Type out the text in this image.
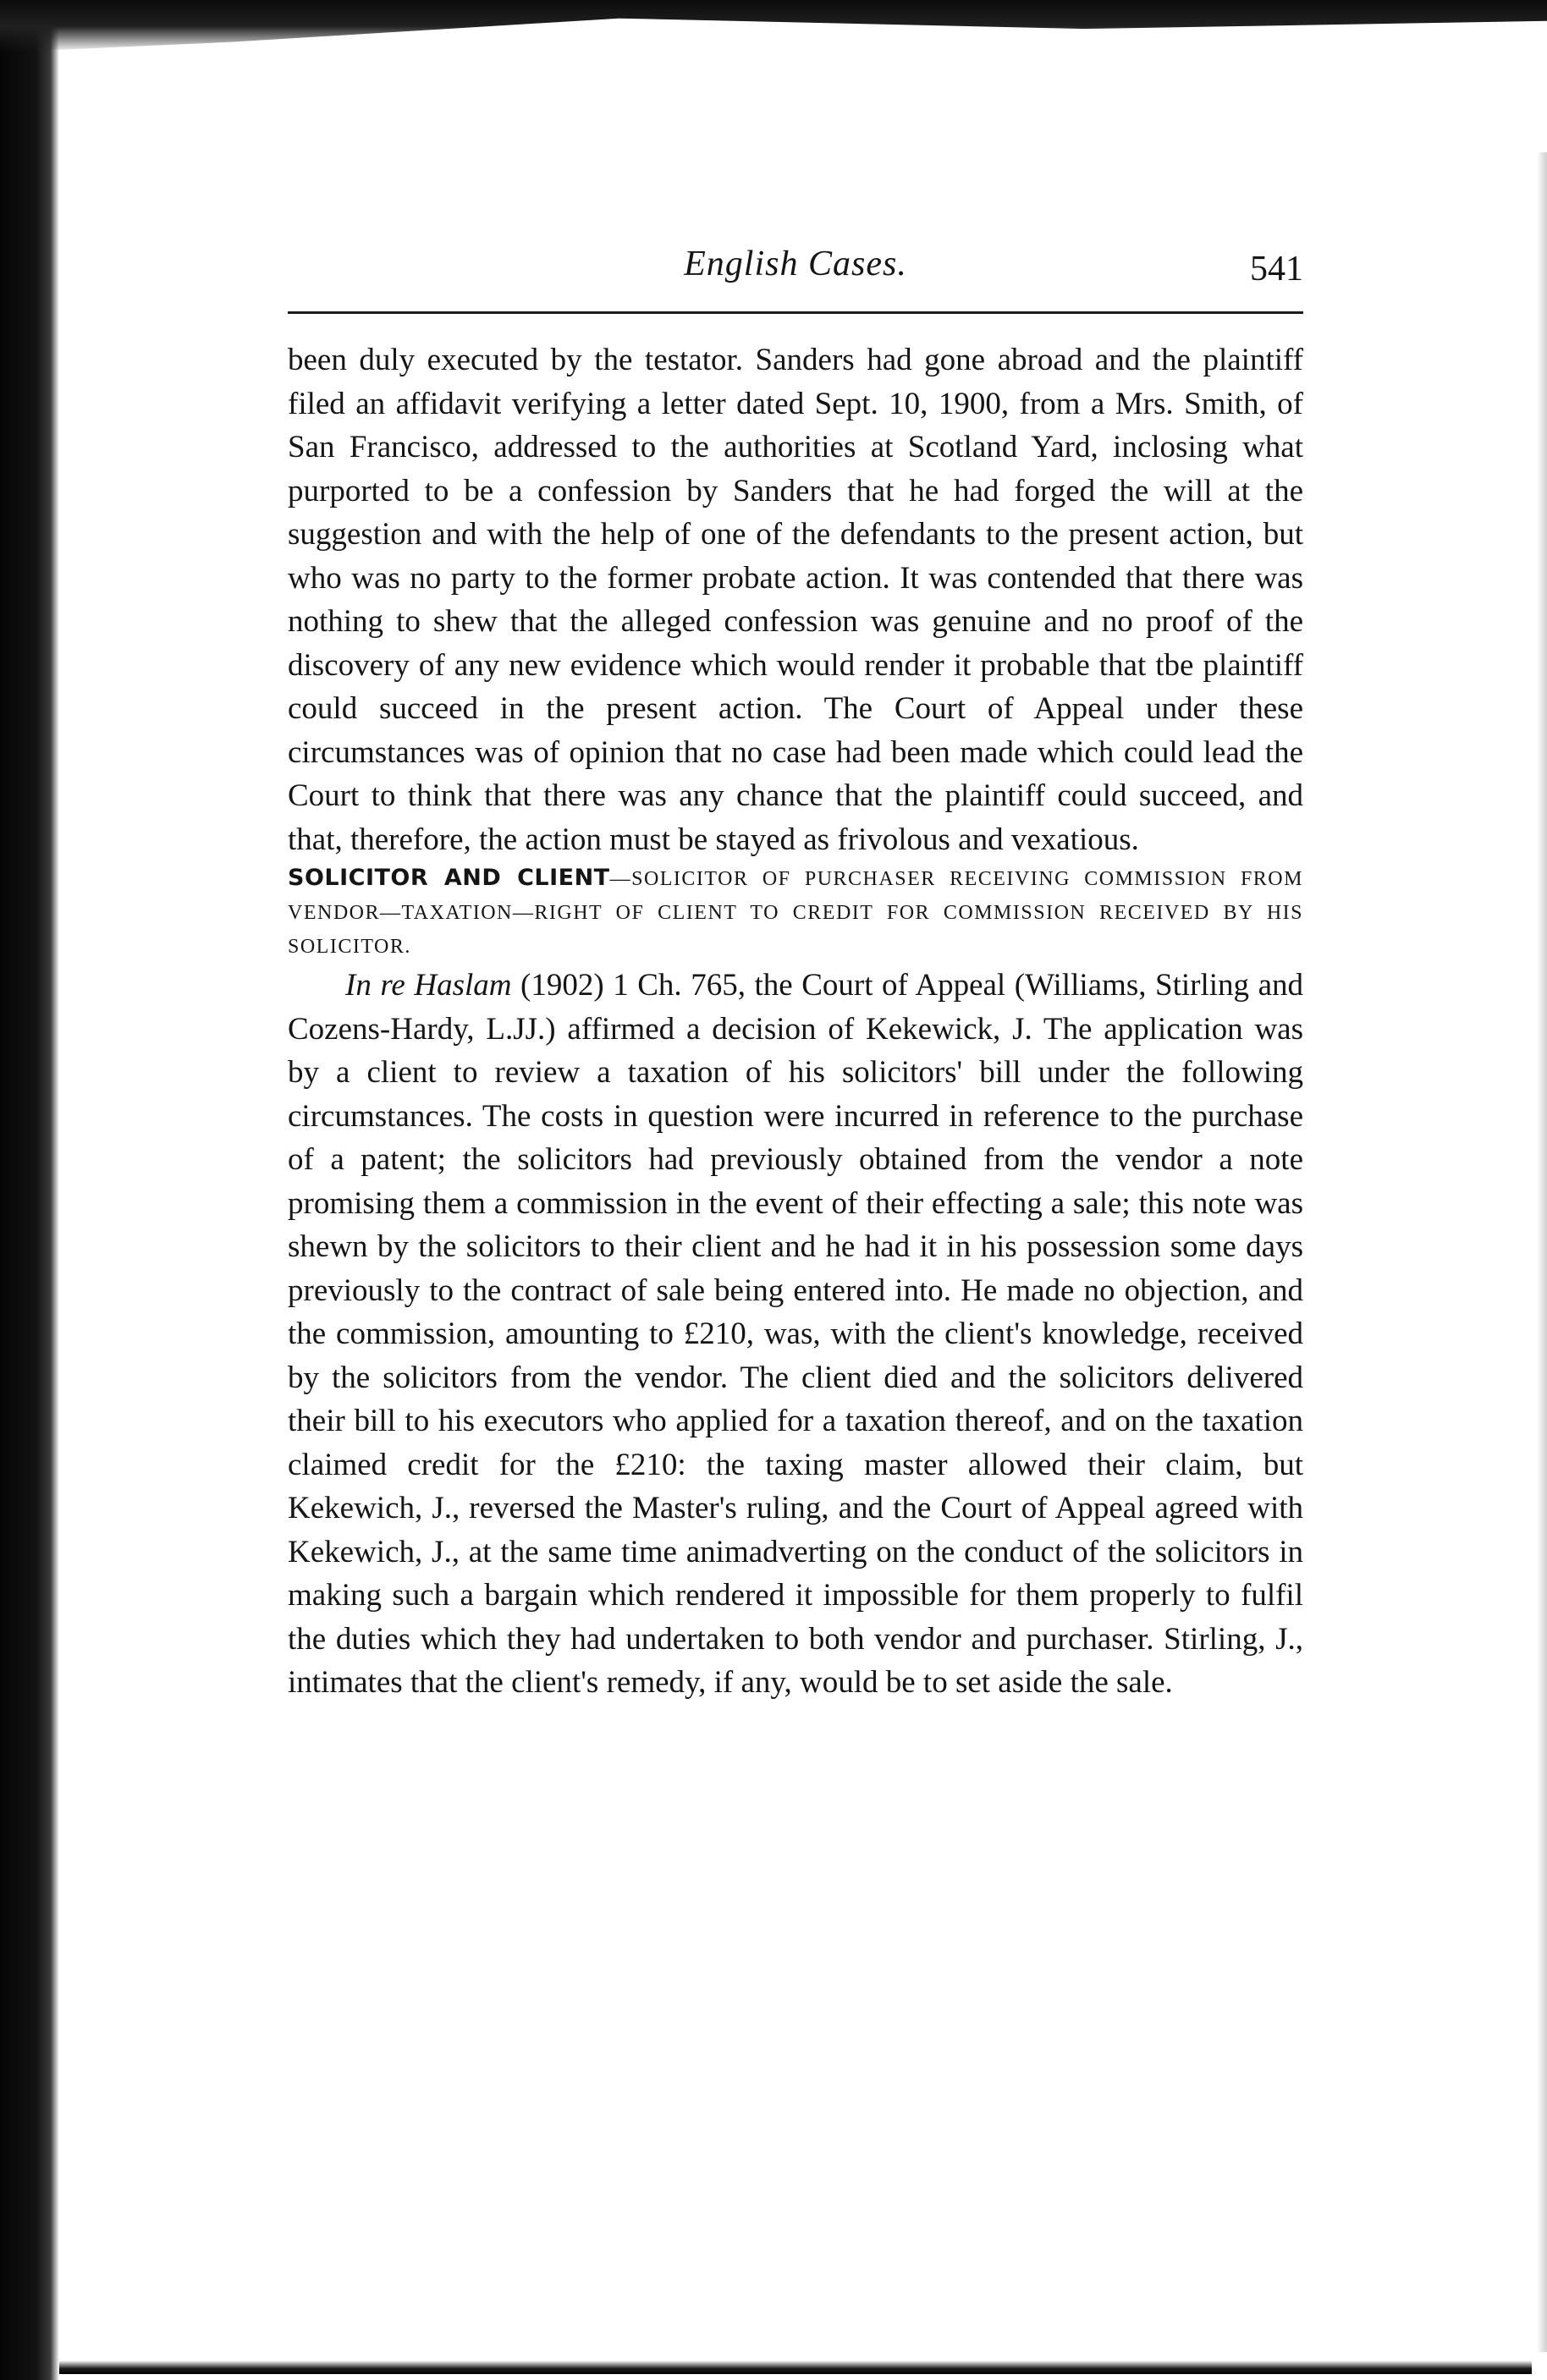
English Cases.	541

been duly executed by the testator. Sanders had gone abroad and the plaintiff filed an affidavit verifying a letter dated Sept. 10, 1900, from a Mrs. Smith, of San Francisco, addressed to the authorities at Scotland Yard, inclosing what purported to be a confession by Sanders that he had forged the will at the suggestion and with the help of one of the defendants to the present action, but who was no party to the former probate action. It was contended that there was nothing to shew that the alleged confession was genuine and no proof of the discovery of any new evidence which would render it probable that tbe plaintiff could succeed in the present action. The Court of Appeal under these circumstances was of opinion that no case had been made which could lead the Court to think that there was any chance that the plaintiff could succeed, and that, therefore, the action must be stayed as frivolous and vexatious.

SOLICITOR AND CLIENT—SOLICITOR OF PURCHASER RECEIVING COMMISSION FROM VENDOR—TAXATION—RIGHT OF CLIENT TO CREDIT FOR COMMISSION RECEIVED BY HIS SOLICITOR.

In re Haslam (1902) 1 Ch. 765, the Court of Appeal (Williams, Stirling and Cozens-Hardy, L.JJ.) affirmed a decision of Kekewick, J. The application was by a client to review a taxation of his solicitors' bill under the following circumstances. The costs in question were incurred in reference to the purchase of a patent; the solicitors had previously obtained from the vendor a note promising them a commission in the event of their effecting a sale; this note was shewn by the solicitors to their client and he had it in his possession some days previously to the contract of sale being entered into. He made no objection, and the commission, amounting to £210, was, with the client's knowledge, received by the solicitors from the vendor. The client died and the solicitors delivered their bill to his executors who applied for a taxation thereof, and on the taxation claimed credit for the £210: the taxing master allowed their claim, but Kekewich, J., reversed the Master's ruling, and the Court of Appeal agreed with Kekewich, J., at the same time animadverting on the conduct of the solicitors in making such a bargain which rendered it impossible for them properly to fulfil the duties which they had undertaken to both vendor and purchaser. Stirling, J., intimates that the client's remedy, if any, would be to set aside the sale.
